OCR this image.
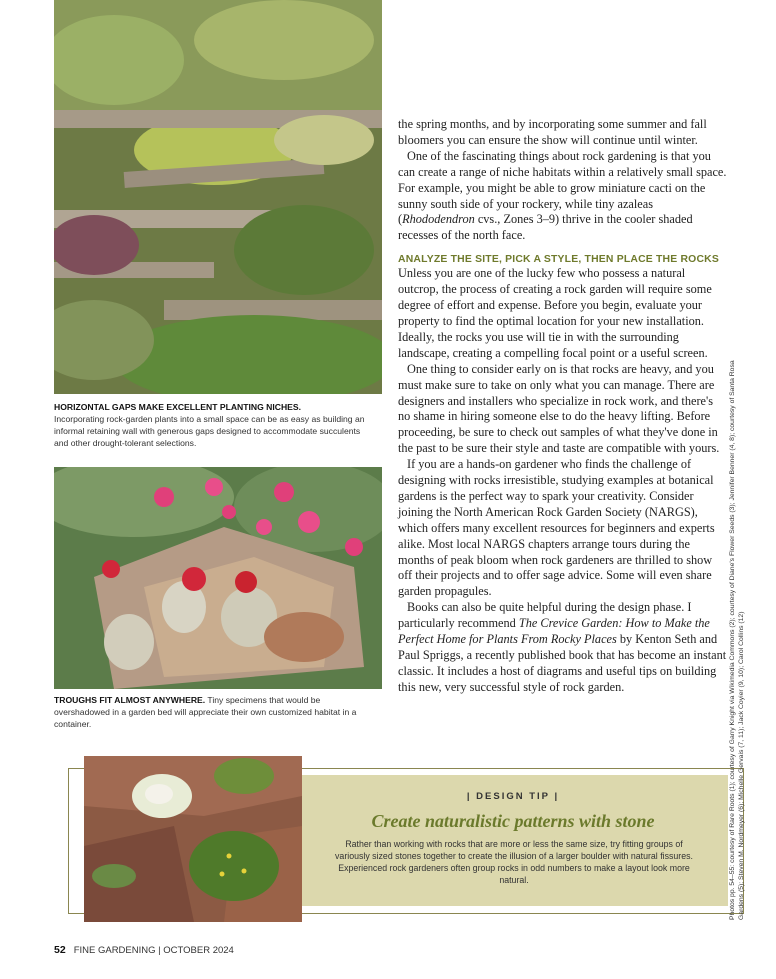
HORIZONTAL GAPS MAKE EXCELLENT PLANTING NICHES.
Incorporating rock-garden plants into a small space can be as easy as building an informal retaining wall with generous gaps designed to accommodate succulents and other drought-tolerant selections.
TROUGHS FIT ALMOST ANYWHERE. Tiny specimens that would be overshadowed in a garden bed will appreciate their own customized habitat in a container.

the spring months, and by incorporating some summer and fall bloomers you can ensure the show will continue until winter.

One of the fascinating things about rock gardening is that you can create a range of niche habitats within a relatively small space. For example, you might be able to grow miniature cacti on the sunny south side of your rockery, while tiny azaleas (Rhododendron cvs., Zones 3–9) thrive in the cooler shaded recesses of the north face.

ANALYZE THE SITE, PICK A STYLE, THEN PLACE THE ROCKS

Unless you are one of the lucky few who possess a natural outcrop, the process of creating a rock garden will require some degree of effort and expense. Before you begin, evaluate your property to find the optimal location for your new installation. Ideally, the rocks you use will tie in with the surrounding landscape, creating a compelling focal point or a useful screen.

One thing to consider early on is that rocks are heavy, and you must make sure to take on only what you can manage. There are designers and installers who specialize in rock work, and there's no shame in hiring someone else to do the heavy lifting. Before proceeding, be sure to check out samples of what they've done in the past to be sure their style and taste are compatible with yours.

If you are a hands-on gardener who finds the challenge of designing with rocks irresistible, studying examples at botanical gardens is the perfect way to spark your creativity. Consider joining the North American Rock Garden Society (NARGS), which offers many excellent resources for beginners and experts alike. Most local NARGS chapters arrange tours during the months of peak bloom when rock gardeners are thrilled to show off their projects and to offer sage advice. Some will even share garden propagules.

Books can also be quite helpful during the design phase. I particularly recommend The Crevice Garden: How to Make the Perfect Home for Plants From Rocky Places by Kenton Seth and Paul Spriggs, a recently published book that has become an instant classic. It includes a host of diagrams and useful tips on building this new, very successful style of rock garden.

| DESIGN TIP |
Create naturalistic patterns with stone
Rather than working with rocks that are more or less the same size, try fitting groups of variously sized stones together to create the illusion of a larger boulder with natural fissures. Experienced rock gardeners often group rocks in odd numbers to make a layout look more natural.	Photos pp. 54–55: courtesy of Rare Roots (1); courtesy of Garry Knight via Wikimedia Commons (2); courtesy of Diane's Flower Seeds (3); Jennifer Benner (4, 8); courtesy of Santa Rosa Gardens (5); Steven M. Nordmeyer (6); Michelle Gervais (7, 11); Jack Coyier (9, 10); Carol Collins (12)
52 FINE GARDENING | OCTOBER 2024
